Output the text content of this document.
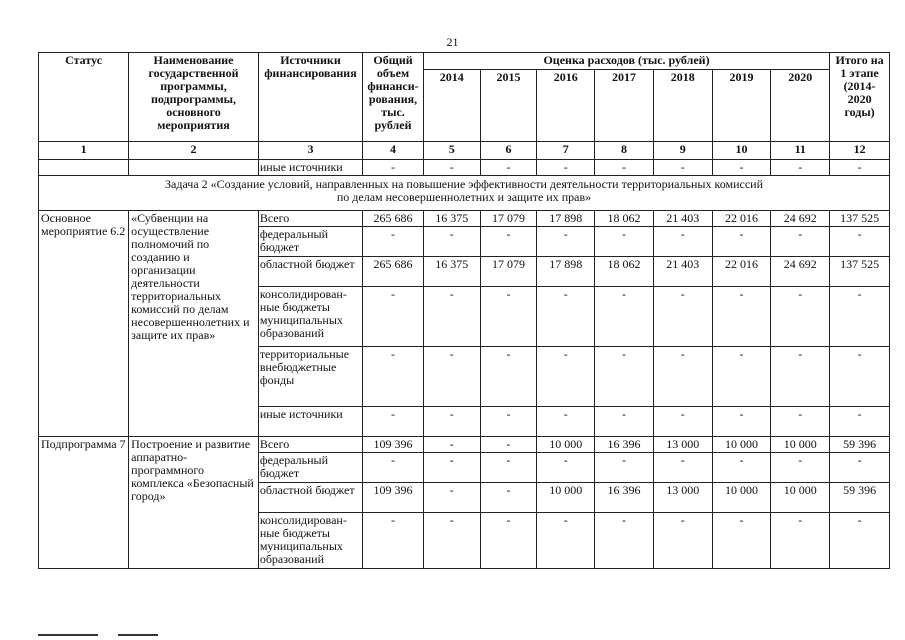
21
Статус	Наименование государственной программы, подпрограммы, основного мероприятия	Источники финансирования	Общий объем финанси-рования, тыс. рублей	Оценка расходов (тыс. рублей)							Итого на 1 этапе (2014-2020 годы)
				2014	2015	2016	2017	2018	2019	2020	
1	2	3	4	5	6	7	8	9	10	11	12
		иные источники	-	-	-	-	-	-	-	-	-
Задача 2 «Создание условий, направленных на повышение эффективности деятельности территориальных комиссий по делам несовершеннолетних и защите их прав»											
Основное мероприятие 6.2	«Субвенции на осуществление полномочий по созданию и организации деятельности территориальных комиссий по делам несовершеннолетних и защите их прав»	Всего	265 686	16 375	17 079	17 898	18 062	21 403	22 016	24 692	137 525
		федеральный бюджет	-	-	-	-	-	-	-	-	-
		областной бюджет	265 686	16 375	17 079	17 898	18 062	21 403	22 016	24 692	137 525
		консолидирован-ные бюджеты муниципальных образований	-	-	-	-	-	-	-	-	-
		территориальные внебюджетные фонды	-	-	-	-	-	-	-	-	-
		иные источники	-	-	-	-	-	-	-	-	-
Подпрограмма 7	Построение и развитие аппаратно-программного комплекса «Безопасный город»	Всего	109 396	-	-	10 000	16 396	13 000	10 000	10 000	59 396
		федеральный бюджет	-	-	-	-	-	-	-	-	-
		областной бюджет	109 396	-	-	10 000	16 396	13 000	10 000	10 000	59 396
		консолидирован-ные бюджеты муниципальных образований	-	-	-	-	-	-	-	-	-
